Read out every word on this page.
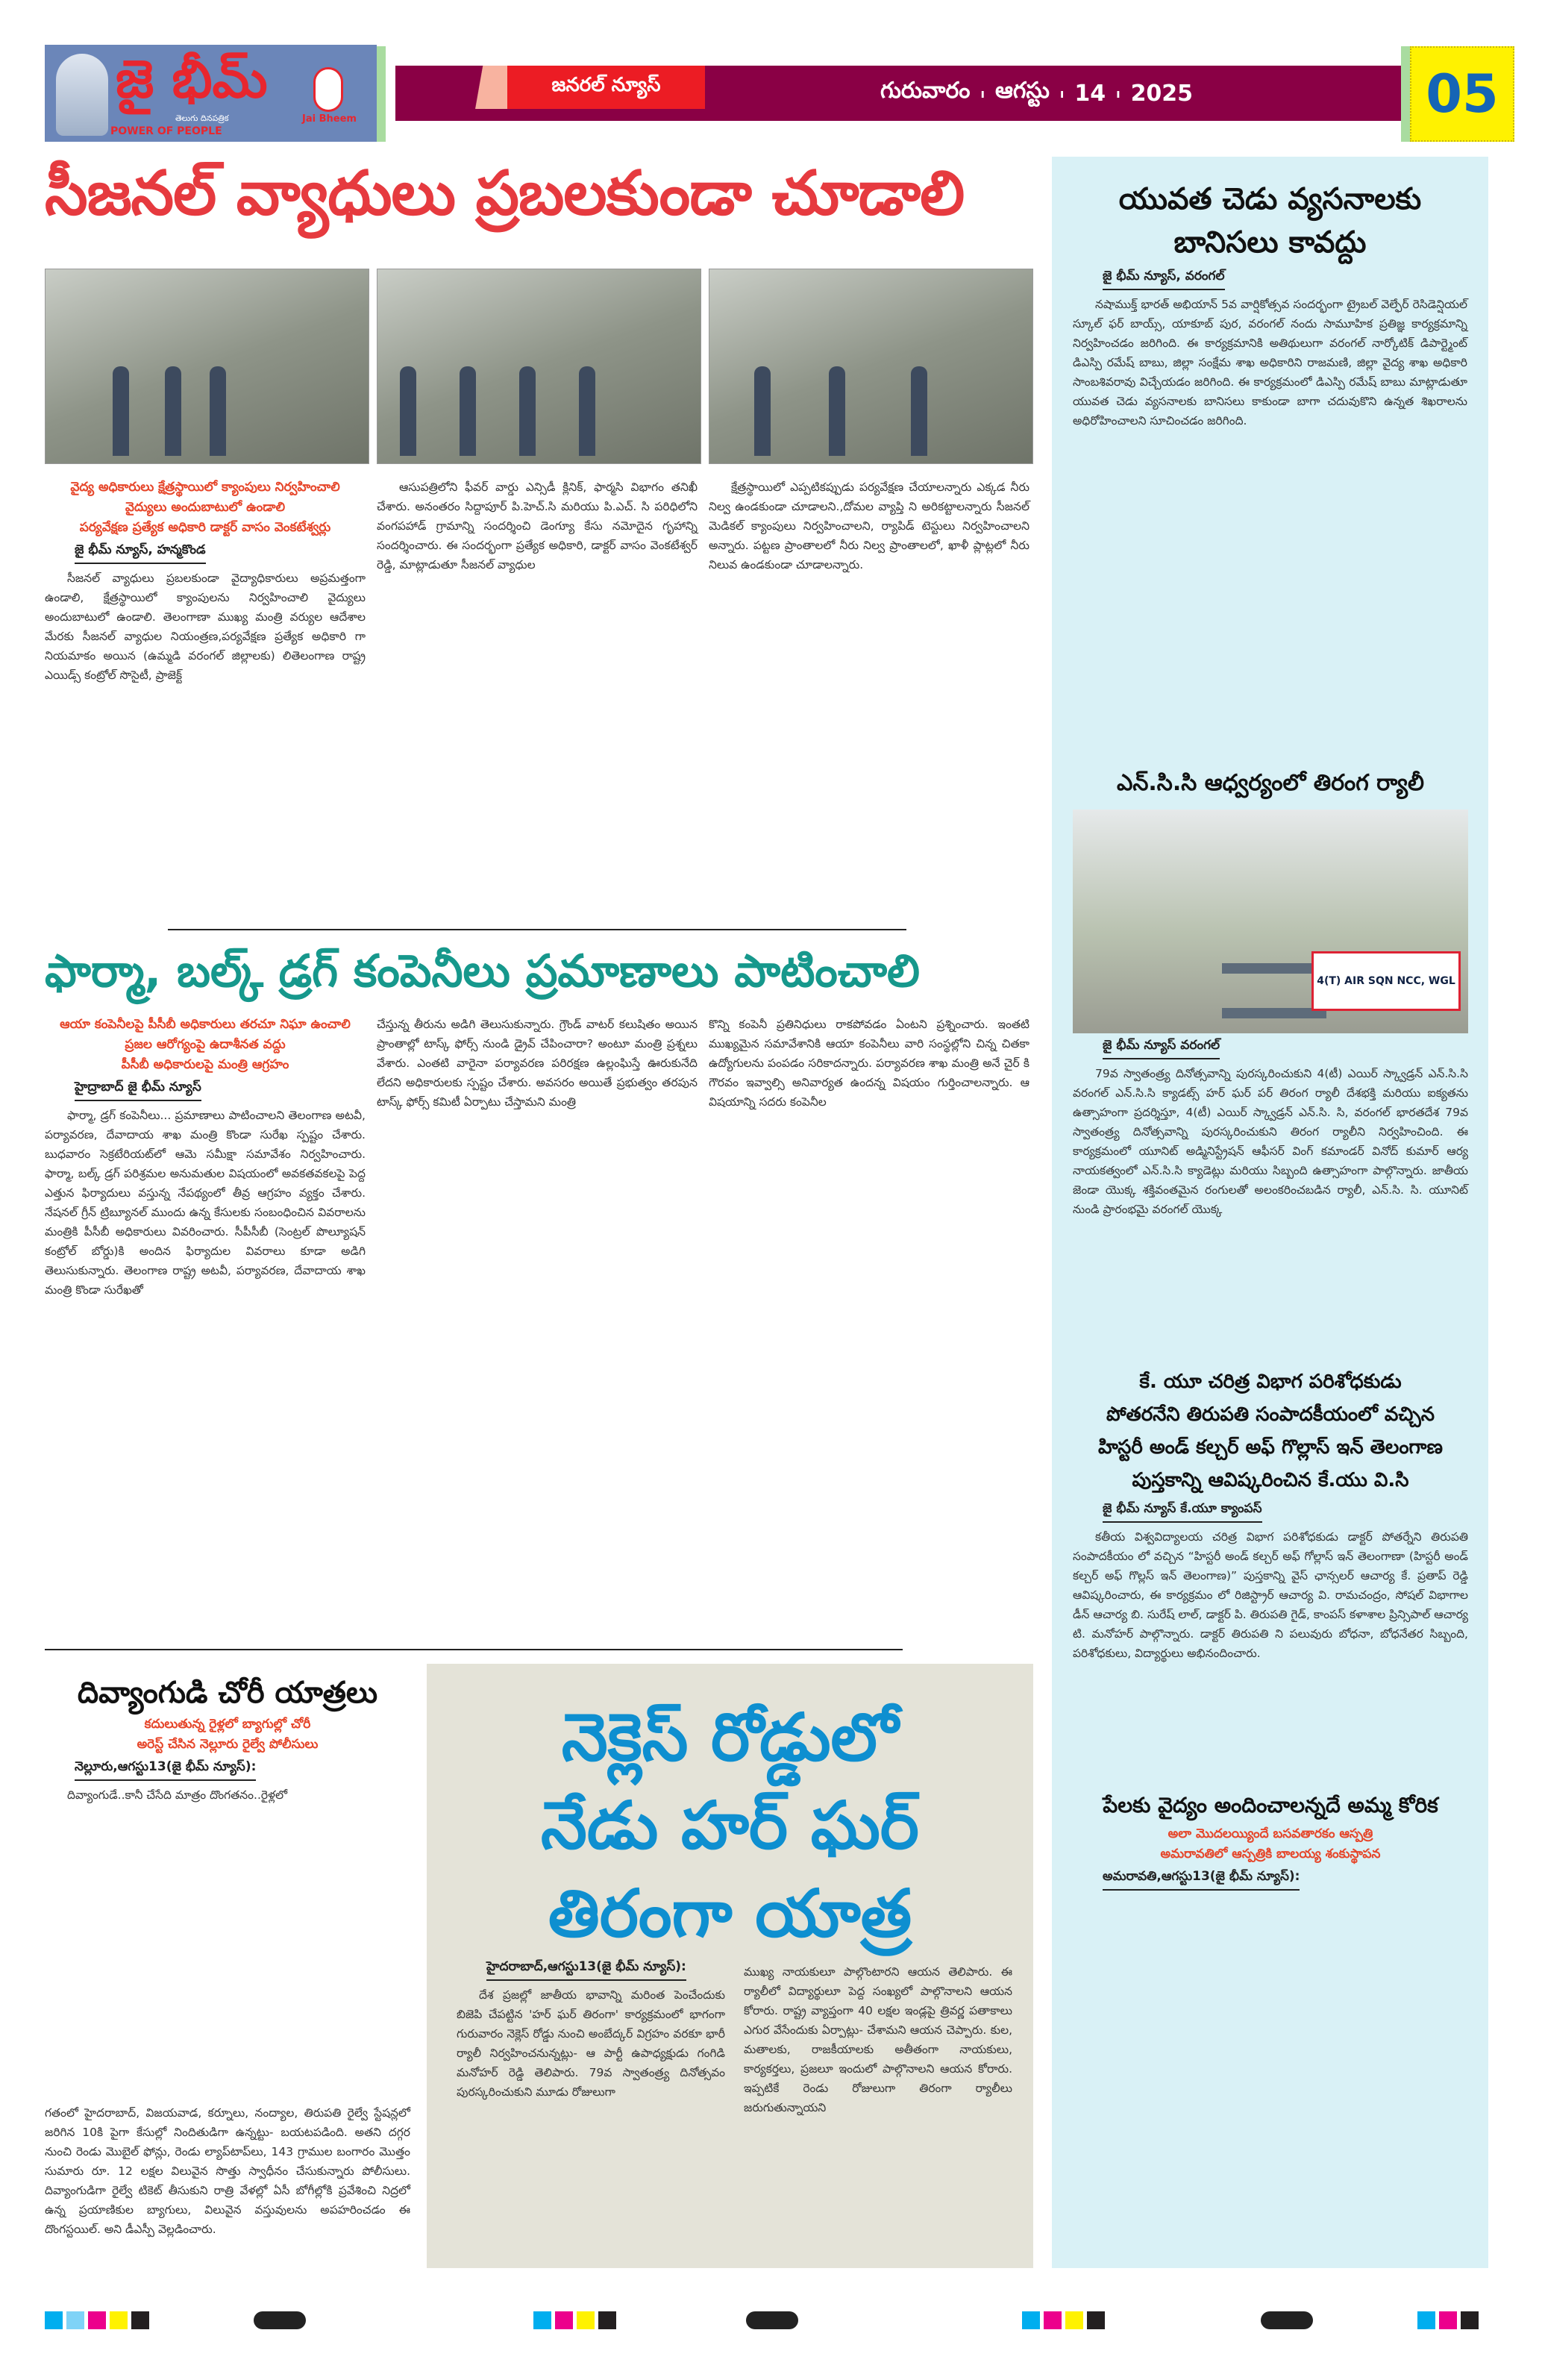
జై భీమ్
తెలుగు దినపత్రిక
POWER OF PEOPLE
Jai Bheem
జనరల్ న్యూస్	గురువారం ı ఆగస్టు ı 14 ı 2025	05
సీజనల్ వ్యాధులు ప్రబలకుండా చూడాలి
వైద్య అధికారులు క్షేత్రస్థాయిలో క్యాంపులు నిర్వహించాలి
వైద్యులు అందుబాటులో ఉండాలి
పర్యవేక్షణ ప్రత్యేక అధికారి డాక్టర్ వాసం వెంకటేశ్వర్లు
జై భీమ్ న్యూస్, హన్మకొండ

సీజనల్ వ్యాధులు ప్రబలకుండా వైద్యాధికారులు అప్రమత్తంగా ఉండాలి, క్షేత్రస్థాయిలో క్యాంపులను నిర్వహించాలి వైద్యులు అందుబాటులో ఉండాలి. తెలంగాణా ముఖ్య మంత్రి వర్యుల ఆదేశాల మేరకు సీజనల్ వ్యాధుల నియంత్రణ,పర్యవేక్షణ ప్రత్యేక అధికారి గా నియమాకం అయిన (ఉమ్మడి వరంగల్ జిల్లాలకు) లితెలంగాణ రాష్ట్ర ఎయిడ్స్ కంట్రోల్ సొసైటీ, ప్రాజెక్ట్

ఆసుపత్రిలోని ఫీవర్ వార్డు ఎన్సిడీ క్లినిక్, ఫార్మసి విభాగం తనిఖీ చేశారు. అనంతరం సిద్దాపూర్ పి.హెచ్.సి మరియు పి.ఎచ్. సి పరిధిలోని వంగపహాడ్ గ్రామాన్ని సందర్శించి డెంగ్యూ కేసు నమోదైన గృహాన్ని సందర్శించారు. ఈ సందర్భంగా ప్రత్యేక అధికారి, డాక్టర్ వాసం వెంకటేశ్వర్ రెడ్డి, మాట్లాడుతూ సీజనల్ వ్యాధుల

క్షేత్రస్థాయిలో ఎప్పటికప్పుడు పర్యవేక్షణ చేయాలన్నారు ఎక్కడ నీరు నిల్వ ఉండకుండా చూడాలని.,దోమల వ్యాప్తి ని అరికట్టాలన్నారు సీజనల్ మెడికల్ క్యాంపులు నిర్వహించాలని, ర్యాపిడ్ టెస్టులు నిర్వహించాలని అన్నారు. పట్టణ ప్రాంతాలలో నీరు నిల్వ ప్రాంతాలలో, ఖాళీ ప్లాట్లలో నీరు నిలువ ఉండకుండా చూడాలన్నారు.

ఫార్మా, బల్క్ డ్రగ్ కంపెనీలు ప్రమాణాలు పాటించాలి
ఆయా కంపెనీలపై పీసీబీ అధికారులు తరచూ నిఘా ఉంచాలి
ప్రజల ఆరోగ్యంపై ఉదాశీనత వద్దు
పీసీబీ అధికారులపై మంత్రి ఆగ్రహం
హైద్రాబాద్ జై భీమ్ న్యూస్

ఫార్మా, డ్రగ్ కంపెనీలు... ప్రమాణాలు పాటించాలని తెలంగాణ అటవీ, పర్యావరణ, దేవాదాయ శాఖ మంత్రి కొండా సురేఖ స్పష్టం చేశారు. బుధవారం సెక్రటేరియట్‌లో ఆమె సమీక్షా సమావేశం నిర్వహించారు. ఫార్మా, బల్క్ డ్రగ్ పరిశ్రమల అనుమతుల విషయంలో అవకతవకలపై పెద్ద ఎత్తున ఫిర్యాదులు వస్తున్న నేపథ్యంలో తీవ్ర ఆగ్రహం వ్యక్తం చేశారు. నేషనల్ గ్రీన్ ట్రిబ్యూనల్ ముందు ఉన్న కేసులకు సంబంధించిన వివరాలను మంత్రికి పీసీబీ అధికారులు వివరించారు. సీపీసీబీ (సెంట్రల్ పొల్యూషన్ కంట్రోల్ బోర్డు)కి అందిన ఫిర్యాదుల వివరాలు కూడా అడిగి తెలుసుకున్నారు. తెలంగాణ రాష్ట్ర అటవీ, పర్యావరణ, దేవాదాయ శాఖ మంత్రి కొండా సురేఖతో

చేస్తున్న తీరును అడిగి తెలుసుకున్నారు. గ్రౌండ్ వాటర్ కలుషితం అయిన ప్రాంతాల్లో టాస్క్ ఫోర్స్ నుండి డ్రైవ్ చేపించారా? అంటూ మంత్రి ప్రశ్నలు వేశారు. ఎంతటి వారైనా పర్యావరణ పరిరక్షణ ఉల్లంఘిస్తే ఊరుకునేది లేదని అధికారులకు స్పష్టం చేశారు. అవసరం అయితే ప్రభుత్వం తరపున టాస్క్ ఫోర్స్ కమిటీ ఏర్పాటు చేస్తామని మంత్రి

కొన్ని కంపెనీ ప్రతినిధులు రాకపోవడం ఏంటని ప్రశ్నించారు. ఇంతటి ముఖ్యమైన సమావేశానికి ఆయా కంపెనీలు వారి సంస్థల్లోని చిన్న చితకా ఉద్యోగులను పంపడం సరికాదన్నారు. పర్యావరణ శాఖ మంత్రి అనే చైర్ కి గౌరవం ఇవ్వాల్సి అనివార్యత ఉందన్న విషయం గుర్తించాలన్నారు. ఆ విషయాన్ని సదరు కంపెనీల

దివ్యాంగుడి చోరీ యాత్రలు
కదులుతున్న రైళ్లలో బ్యాగుల్లో చోరీ
అరెస్ట్ చేసిన నెల్లూరు రైల్వే పోలీసులు
నెల్లూరు,ఆగస్టు13(జై భీమ్ న్యూస్):

దివ్యాంగుడే..కానీ చేసేది మాత్రం దొంగతనం..రైళ్లలో

గతంలో హైదరాబాద్, విజయవాడ, కర్నూలు, నంద్యాల, తిరుపతి రైల్వే స్టేషన్లలో జరిగిన 10కి పైగా కేసుల్లో నిందితుడిగా ఉన్నట్టు- బయటపడింది. అతని దగ్గర నుంచి రెండు మొబైల్ ఫోన్లు, రెండు ల్యాప్‌టాప్‌లు, 143 గ్రాముల బంగారం మొత్తం సుమారు రూ. 12 లక్షల విలువైన సొత్తు స్వాధీనం చేసుకున్నారు పోలీసులు. దివ్యాంగుడిగా రైల్వే టికెట్ తీసుకుని రాత్రి వేళల్లో ఏసీ బోగీల్లోకి ప్రవేశించి నిద్రలో ఉన్న ప్రయాణికుల బ్యాగులు, విలువైన వస్తువులను అపహరించడం ఈ దొంగస్టయిల్. అని డీఎస్పీ వెల్లడించారు.

నెక్లెస్ రోడ్డులో
నేడు హర్ ఘర్
తిరంగా యాత్ర
హైదరాబాద్,ఆగస్టు13(జై భీమ్ న్యూస్):

దేశ ప్రజల్లో జాతీయ భావాన్ని మరింత పెంచేందుకు బిజెపి చేపట్టిన 'హర్ ఘర్ తిరంగా' కార్యక్రమంలో భాగంగా గురువారం నెక్లెస్ రోడ్డు నుంచి అంబేద్కర్ విగ్రహం వరకూ భారీ ర్యాలీ నిర్వహించనున్నట్లు- ఆ పార్టీ ఉపాధ్యక్షుడు గంగిడి మనోహర్ రెడ్డి తెలిపారు. 79వ స్వాతంత్ర్య దినోత్సవం పురస్కరించుకుని మూడు రోజులుగా

ముఖ్య నాయకులూ పాల్గొంటారని ఆయన తెలిపారు. ఈ ర్యాలీలో విద్యార్థులూ పెద్ద సంఖ్యలో పాల్గొనాలని ఆయన కోరారు. రాష్ట్ర వ్యాప్తంగా 40 లక్షల ఇండ్లపై త్రివర్ణ పతాకాలు ఎగుర వేసేందుకు ఏర్పాట్లు- చేశామని ఆయన చెప్పారు. కుల, మతాలకు, రాజకీయాలకు అతీతంగా నాయకులు, కార్యకర్తలు, ప్రజలూ ఇందులో పాల్గొనాలని ఆయన కోరారు. ఇప్పటికే రెండు రోజులుగా తిరంగా ర్యాలీలు జరుగుతున్నాయని

యువత చెడు వ్యసనాలకు
బానిసలు కావద్దు
జై భీమ్ న్యూస్, వరంగల్

నషాముక్త్ భారత్ అభియాన్ 5వ వార్షికోత్సవ సందర్భంగా ట్రైబల్ వెల్ఫేర్ రెసిడెన్షియల్ స్కూల్ ఫర్ బాయ్స్, యాకూబ్ పుర, వరంగల్ నందు సామూహిక ప్రతిజ్ఞ కార్యక్రమాన్ని నిర్వహించడం జరిగింది. ఈ కార్యక్రమానికి అతిథులుగా వరంగల్ నార్కోటిక్ డిపార్ట్మెంట్ డిఎస్పి రమేష్ బాబు, జిల్లా సంక్షేమ శాఖ అధికారిని రాజమణి, జిల్లా వైద్య శాఖ అధికారి సాంబశివరావు విచ్చేయడం జరిగింది. ఈ కార్యక్రమంలో డిఎస్పి రమేష్ బాబు మాట్లాడుతూ యువత చెడు వ్యసనాలకు బానిసలు కాకుండా బాగా చదువుకొని ఉన్నత శిఖరాలను అధిరోహించాలని సూచించడం జరిగింది.

ఎన్.సి.సి ఆధ్వర్యంలో తిరంగ ర్యాలీ
4(T) AIR SQN NCC, WGL
జై భీమ్ న్యూస్ వరంగల్

79వ స్వాతంత్ర్య దినోత్సవాన్ని పురస్కరించుకుని 4(టీ) ఎయిర్ స్క్వాడ్రన్ ఎన్.సి.సి వరంగల్ ఎన్.సి.సి క్యాడట్స్ హర్ ఘర్ పర్ తిరంగ ర్యాలీ దేశభక్తి మరియు ఐక్యతను ఉత్సాహంగా ప్రదర్శిస్తూ, 4(టీ) ఎయిర్ స్క్వాడ్రన్ ఎన్.సి. సి, వరంగల్ భారతదేశ 79వ స్వాతంత్ర్య దినోత్సవాన్ని పురస్కరించుకుని తిరంగ ర్యాలీని నిర్వహించింది. ఈ కార్యక్రమంలో యూనిట్ అడ్మినిస్ట్రేషన్ ఆఫీసర్ వింగ్ కమాండర్ వినోద్ కుమార్ ఆర్య నాయకత్వంలో ఎన్.సి.సి క్యాడెట్లు మరియు సిబ్బంది ఉత్సాహంగా పాల్గొన్నారు. జాతీయ జెండా యొక్క శక్తివంతమైన రంగులతో అలంకరించబడిన ర్యాలీ, ఎన్.సి. సి. యూనిట్ నుండి ప్రారంభమై వరంగల్ యొక్క

కే. యూ చరిత్ర విభాగ పరిశోధకుడు
పోతరనేని తిరుపతి సంపాదకీయంలో వచ్చిన
హిస్టరీ అండ్ కల్చర్ అఫ్ గొల్లాస్ ఇన్ తెలంగాణ
పుస్తకాన్ని ఆవిష్కరించిన కే.యు వి.సి
జై భీమ్ న్యూస్ కే.యూ క్యాంపస్

కతీయ విశ్వవిద్యాలయ చరిత్ర విభాగ పరిశోధకుడు డాక్టర్ పోతర్నేని తిరుపతి సంపాదకీయం లో వచ్చిన “హిస్టరీ అండ్ కల్చర్ అఫ్ గోల్లాస్ ఇన్ తెలంగాణా (హిస్టరీ అండ్ కల్చర్ అఫ్ గొల్లస్ ఇన్ తెలంగాణ)” పుస్తకాన్ని వైస్ ఛాన్సలర్ ఆచార్య కే. ప్రతాప్ రెడ్డి ఆవిష్కరించారు, ఈ కార్యక్రమం లో రిజిస్ట్రార్ ఆచార్య వి. రామచంద్రం, సోషల్ విభాగాల డీన్ ఆచార్య బి. సురేష్ లాల్, డాక్టర్ పి. తిరుపతి గైడ్, కాంపస్ కళాశాల ప్రిన్సిపాల్ ఆచార్య టి. మనోహర్ పాల్గొన్నారు. డాక్టర్ తిరుపతి ని పలువురు బోధనా, బోధనేతర సిబ్బంది, పరిశోధకులు, విద్యార్థులు అభినందించారు.

పేలకు వైద్యం అందించాలన్నదే అమ్మ కోరిక
అలా మొదలయ్యిందే బసవతారకం ఆస్పత్రి
అమరావతిలో ఆస్పత్రికి బాలయ్య శంకుస్థాపన
అమరావతి,ఆగస్టు13(జై భీమ్ న్యూస్):
